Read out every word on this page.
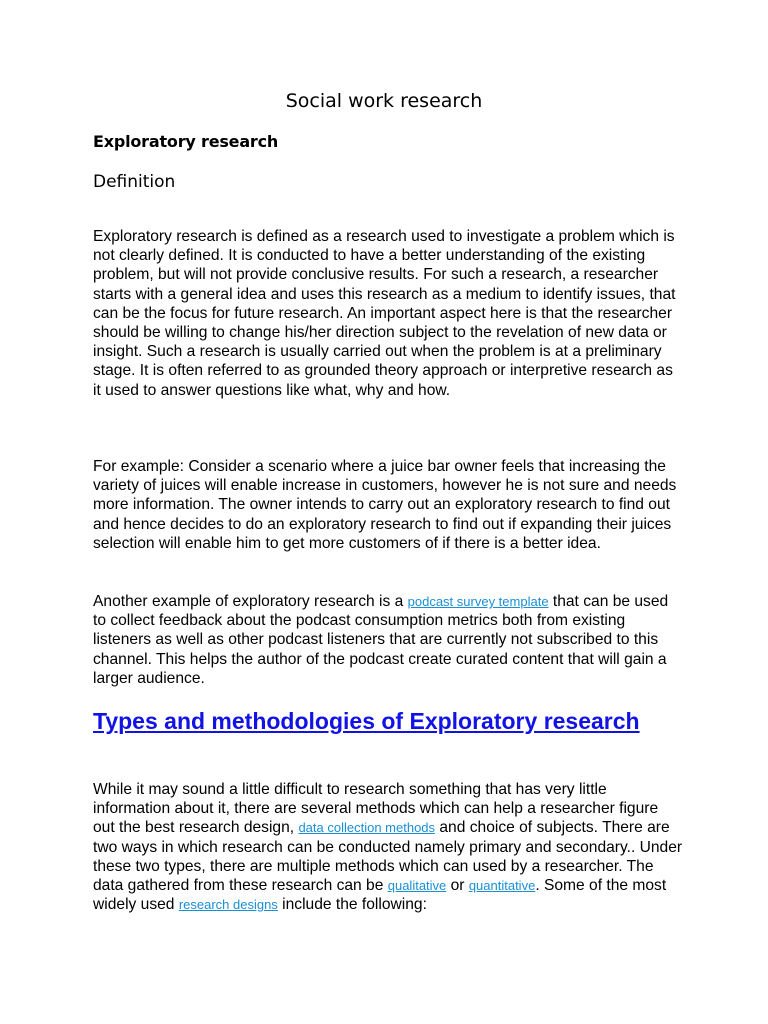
Social work research
Exploratory research
Definition

Exploratory research is defined as a research used to investigate a problem which is not clearly defined. It is conducted to have a better understanding of the existing problem, but will not provide conclusive results. For such a research, a researcher starts with a general idea and uses this research as a medium to identify issues, that can be the focus for future research. An important aspect here is that the researcher should be willing to change his/her direction subject to the revelation of new data or insight. Such a research is usually carried out when the problem is at a preliminary stage. It is often referred to as grounded theory approach or interpretive research as it used to answer questions like what, why and how.

For example: Consider a scenario where a juice bar owner feels that increasing the variety of juices will enable increase in customers, however he is not sure and needs more information. The owner intends to carry out an exploratory research to find out and hence decides to do an exploratory research to find out if expanding their juices selection will enable him to get more customers of if there is a better idea.

Another example of exploratory research is a podcast survey template that can be used to collect feedback about the podcast consumption metrics both from existing listeners as well as other podcast listeners that are currently not subscribed to this channel. This helps the author of the podcast create curated content that will gain a larger audience.

Types and methodologies of Exploratory research

While it may sound a little difficult to research something that has very little information about it, there are several methods which can help a researcher figure out the best research design, data collection methods and choice of subjects. There are two ways in which research can be conducted namely primary and secondary.. Under these two types, there are multiple methods which can used by a researcher. The data gathered from these research can be qualitative or quantitative. Some of the most widely used research designs include the following:
